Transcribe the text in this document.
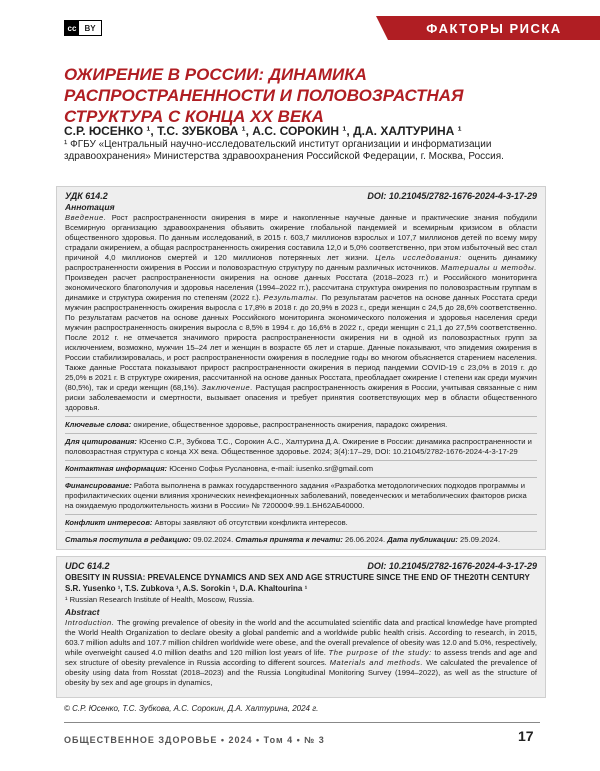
cc BY	ФАКТОРЫ РИСКА
ОЖИРЕНИЕ В РОССИИ: ДИНАМИКА РАСПРОСТРАНЕННОСТИ И ПОЛОВОЗРАСТНАЯ СТРУКТУРА С КОНЦА XX ВЕКА
С.Р. ЮСЕНКО ¹, Т.С. ЗУБКОВА ¹, А.С. СОРОКИН ¹, Д.А. ХАЛТУРИНА ¹
¹ ФГБУ «Центральный научно-исследовательский институт организации и информатизации здравоохранения» Министерства здравоохранения Российской Федерации, г. Москва, Россия.
УДК 614.2	DOI: 10.21045/2782-1676-2024-4-3-17-29
Аннотация
Введение. Рост распространенности ожирения в мире и накопленные научные данные и практические знания побудили Всемирную организацию здравоохранения объявить ожирение глобальной пандемией и всемирным кризисом в области общественного здоровья. По данным исследований, в 2015 г. 603,7 миллионов взрослых и 107,7 миллионов детей по всему миру страдали ожирением, а общая распространенность ожирения составила 12,0 и 5,0% соответственно, при этом избыточный вес стал причиной 4,0 миллионов смертей и 120 миллионов потерянных лет жизни. Цель исследования: оценить динамику распространенности ожирения в России и половозрастную структуру по данным различных источников. Материалы и методы. Произведен расчет распространенности ожирения на основе данных Росстата (2018–2023 гг.) и Российского мониторинга экономического благополучия и здоровья населения (1994–2022 гг.), рассчитана структура ожирения по половозрастным группам в динамике и структура ожирения по степеням (2022 г.). Результаты. По результатам расчетов на основе данных Росстата среди мужчин распространенность ожирения выросла с 17,8% в 2018 г. до 20,9% в 2023 г., среди женщин с 24,5 до 28,6% соответственно. По результатам расчетов на основе данных Российского мониторинга экономического положения и здоровья населения среди мужчин распространенность ожирения выросла с 8,5% в 1994 г. до 16,6% в 2022 г., среди женщин с 21,1 до 27,5% соответственно. После 2012 г. не отмечается значимого прироста распространенности ожирения ни в одной из половозрастных групп за исключением, возможно, мужчин 15–24 лет и женщин в возрасте 65 лет и старше. Данные показывают, что эпидемия ожирения в России стабилизировалась, и рост распространенности ожирения в последние годы во многом объясняется старением населения. Также данные Росстата показывают прирост распространенности ожирения в период пандемии COVID-19 с 23,0% в 2019 г. до 25,0% в 2021 г. В структуре ожирения, рассчитанной на основе данных Росстата, преобладает ожирение I степени как среди мужчин (80,5%), так и среди женщин (68,1%). Заключение. Растущая распространенность ожирения в России, учитывая связанные с ним риски заболеваемости и смертности, вызывает опасения и требует принятия соответствующих мер в области общественного здоровья.
Ключевые слова: ожирение, общественное здоровье, распространенность ожирения, парадокс ожирения.
Для цитирования: Юсенко С.Р., Зубкова Т.С., Сорокин А.С., Халтурина Д.А. Ожирение в России: динамика распространенности и половозрастная структура с конца XX века. Общественное здоровье. 2024; 3(4):17–29, DOI: 10.21045/2782-1676-2024-4-3-17-29
Контактная информация: Юсенко Софья Руслановна, e-mail: iusenko.sr@gmail.com
Финансирование: Работа выполнена в рамках государственного задания «Разработка методологических подходов программы и профилактических оценки влияния хронических неинфекционных заболеваний, поведенческих и метаболических факторов риска на ожидаемую продолжительность жизни в России» № 720000Ф.99.1.БН62АБ40000.
Конфликт интересов: Авторы заявляют об отсутствии конфликта интересов.
Статья поступила в редакцию: 09.02.2024. Статья принята к печати: 26.06.2024. Дата публикации: 25.09.2024.
UDC 614.2	DOI: 10.21045/2782-1676-2024-4-3-17-29
OBESITY IN RUSSIA: PREVALENCE DYNAMICS AND SEX AND AGE STRUCTURE SINCE THE END OF THE20TH CENTURY
S.R. Yusenko ¹, T.S. Zubkova ¹, A.S. Sorokin ¹, D.A. Khaltourina ¹
¹ Russian Research Institute of Health, Moscow, Russia.
Abstract
Introduction. The growing prevalence of obesity in the world and the accumulated scientific data and practical knowledge have prompted the World Health Organization to declare obesity a global pandemic and a worldwide public health crisis. According to research, in 2015, 603.7 million adults and 107.7 million children worldwide were obese, and the overall prevalence of obesity was 12.0 and 5.0%, respectively, while overweight caused 4.0 million deaths and 120 million lost years of life. The purpose of the study: to assess trends and age and sex structure of obesity prevalence in Russia according to different sources. Materials and methods. We calculated the prevalence of obesity using data from Rosstat (2018–2023) and the Russia Longitudinal Monitoring Survey (1994–2022), as well as the structure of obesity by sex and age groups in dynamics,
© С.Р. Юсенко, Т.С. Зубкова, А.С. Сорокин, Д.А. Халтурина, 2024 г.
ОБЩЕСТВЕННОЕ ЗДОРОВЬЕ • 2024 • Том 4 • № 3	17
